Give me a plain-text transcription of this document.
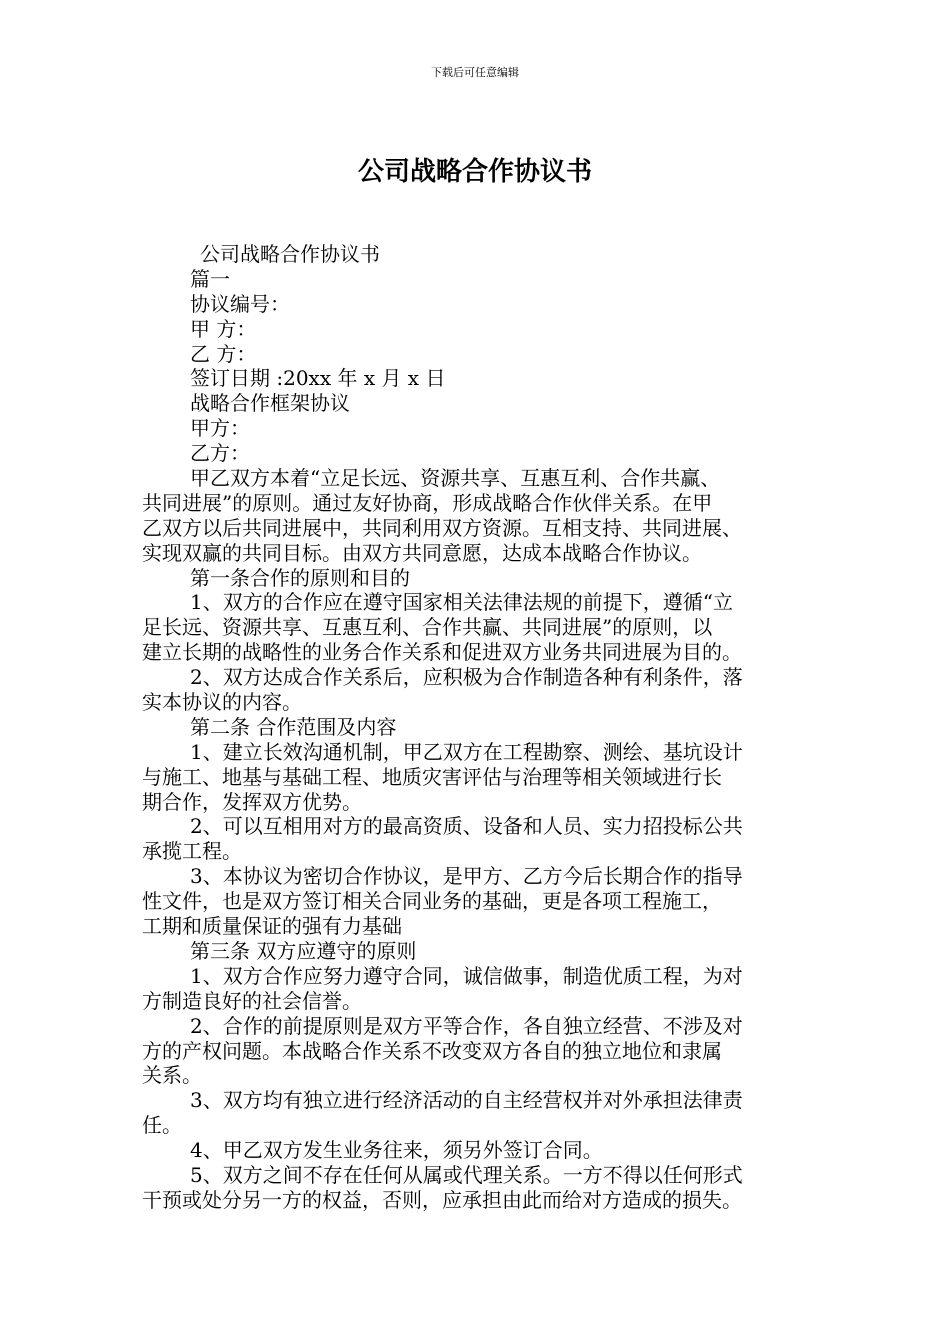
下载后可任意编辑
公司战略合作协议书
公司战略合作协议书
篇一
协议编号：
甲 方：
乙 方：
签订日期 :20xx 年 x 月 x 日
战略合作框架协议
甲方：
乙方：
甲乙双方本着“立足长远、资源共享、互惠互利、合作共赢、
共同进展”的原则。通过友好协商，形成战略合作伙伴关系。在甲
乙双方以后共同进展中，共同利用双方资源。互相支持、共同进展、
实现双赢的共同目标。由双方共同意愿，达成本战略合作协议。
第一条合作的原则和目的
1、双方的合作应在遵守国家相关法律法规的前提下，遵循“立
足长远、资源共享、互惠互利、合作共赢、共同进展”的原则，以
建立长期的战略性的业务合作关系和促进双方业务共同进展为目的。
2、双方达成合作关系后，应积极为合作制造各种有利条件，落
实本协议的内容。
第二条 合作范围及内容
1、建立长效沟通机制，甲乙双方在工程勘察、测绘、基坑设计
与施工、地基与基础工程、地质灾害评估与治理等相关领域进行长
期合作，发挥双方优势。
2、可以互相用对方的最高资质、设备和人员、实力招投标公共
承揽工程。
3、本协议为密切合作协议，是甲方、乙方今后长期合作的指导
性文件，也是双方签订相关合同业务的基础，更是各项工程施工，
工期和质量保证的强有力基础
第三条 双方应遵守的原则
1、双方合作应努力遵守合同，诚信做事，制造优质工程，为对
方制造良好的社会信誉。
2、合作的前提原则是双方平等合作，各自独立经营、不涉及对
方的产权问题。本战略合作关系不改变双方各自的独立地位和隶属
关系。
3、双方均有独立进行经济活动的自主经营权并对外承担法律责
任。
4、甲乙双方发生业务往来，须另外签订合同。
5、双方之间不存在任何从属或代理关系。一方不得以任何形式
干预或处分另一方的权益，否则，应承担由此而给对方造成的损失。
